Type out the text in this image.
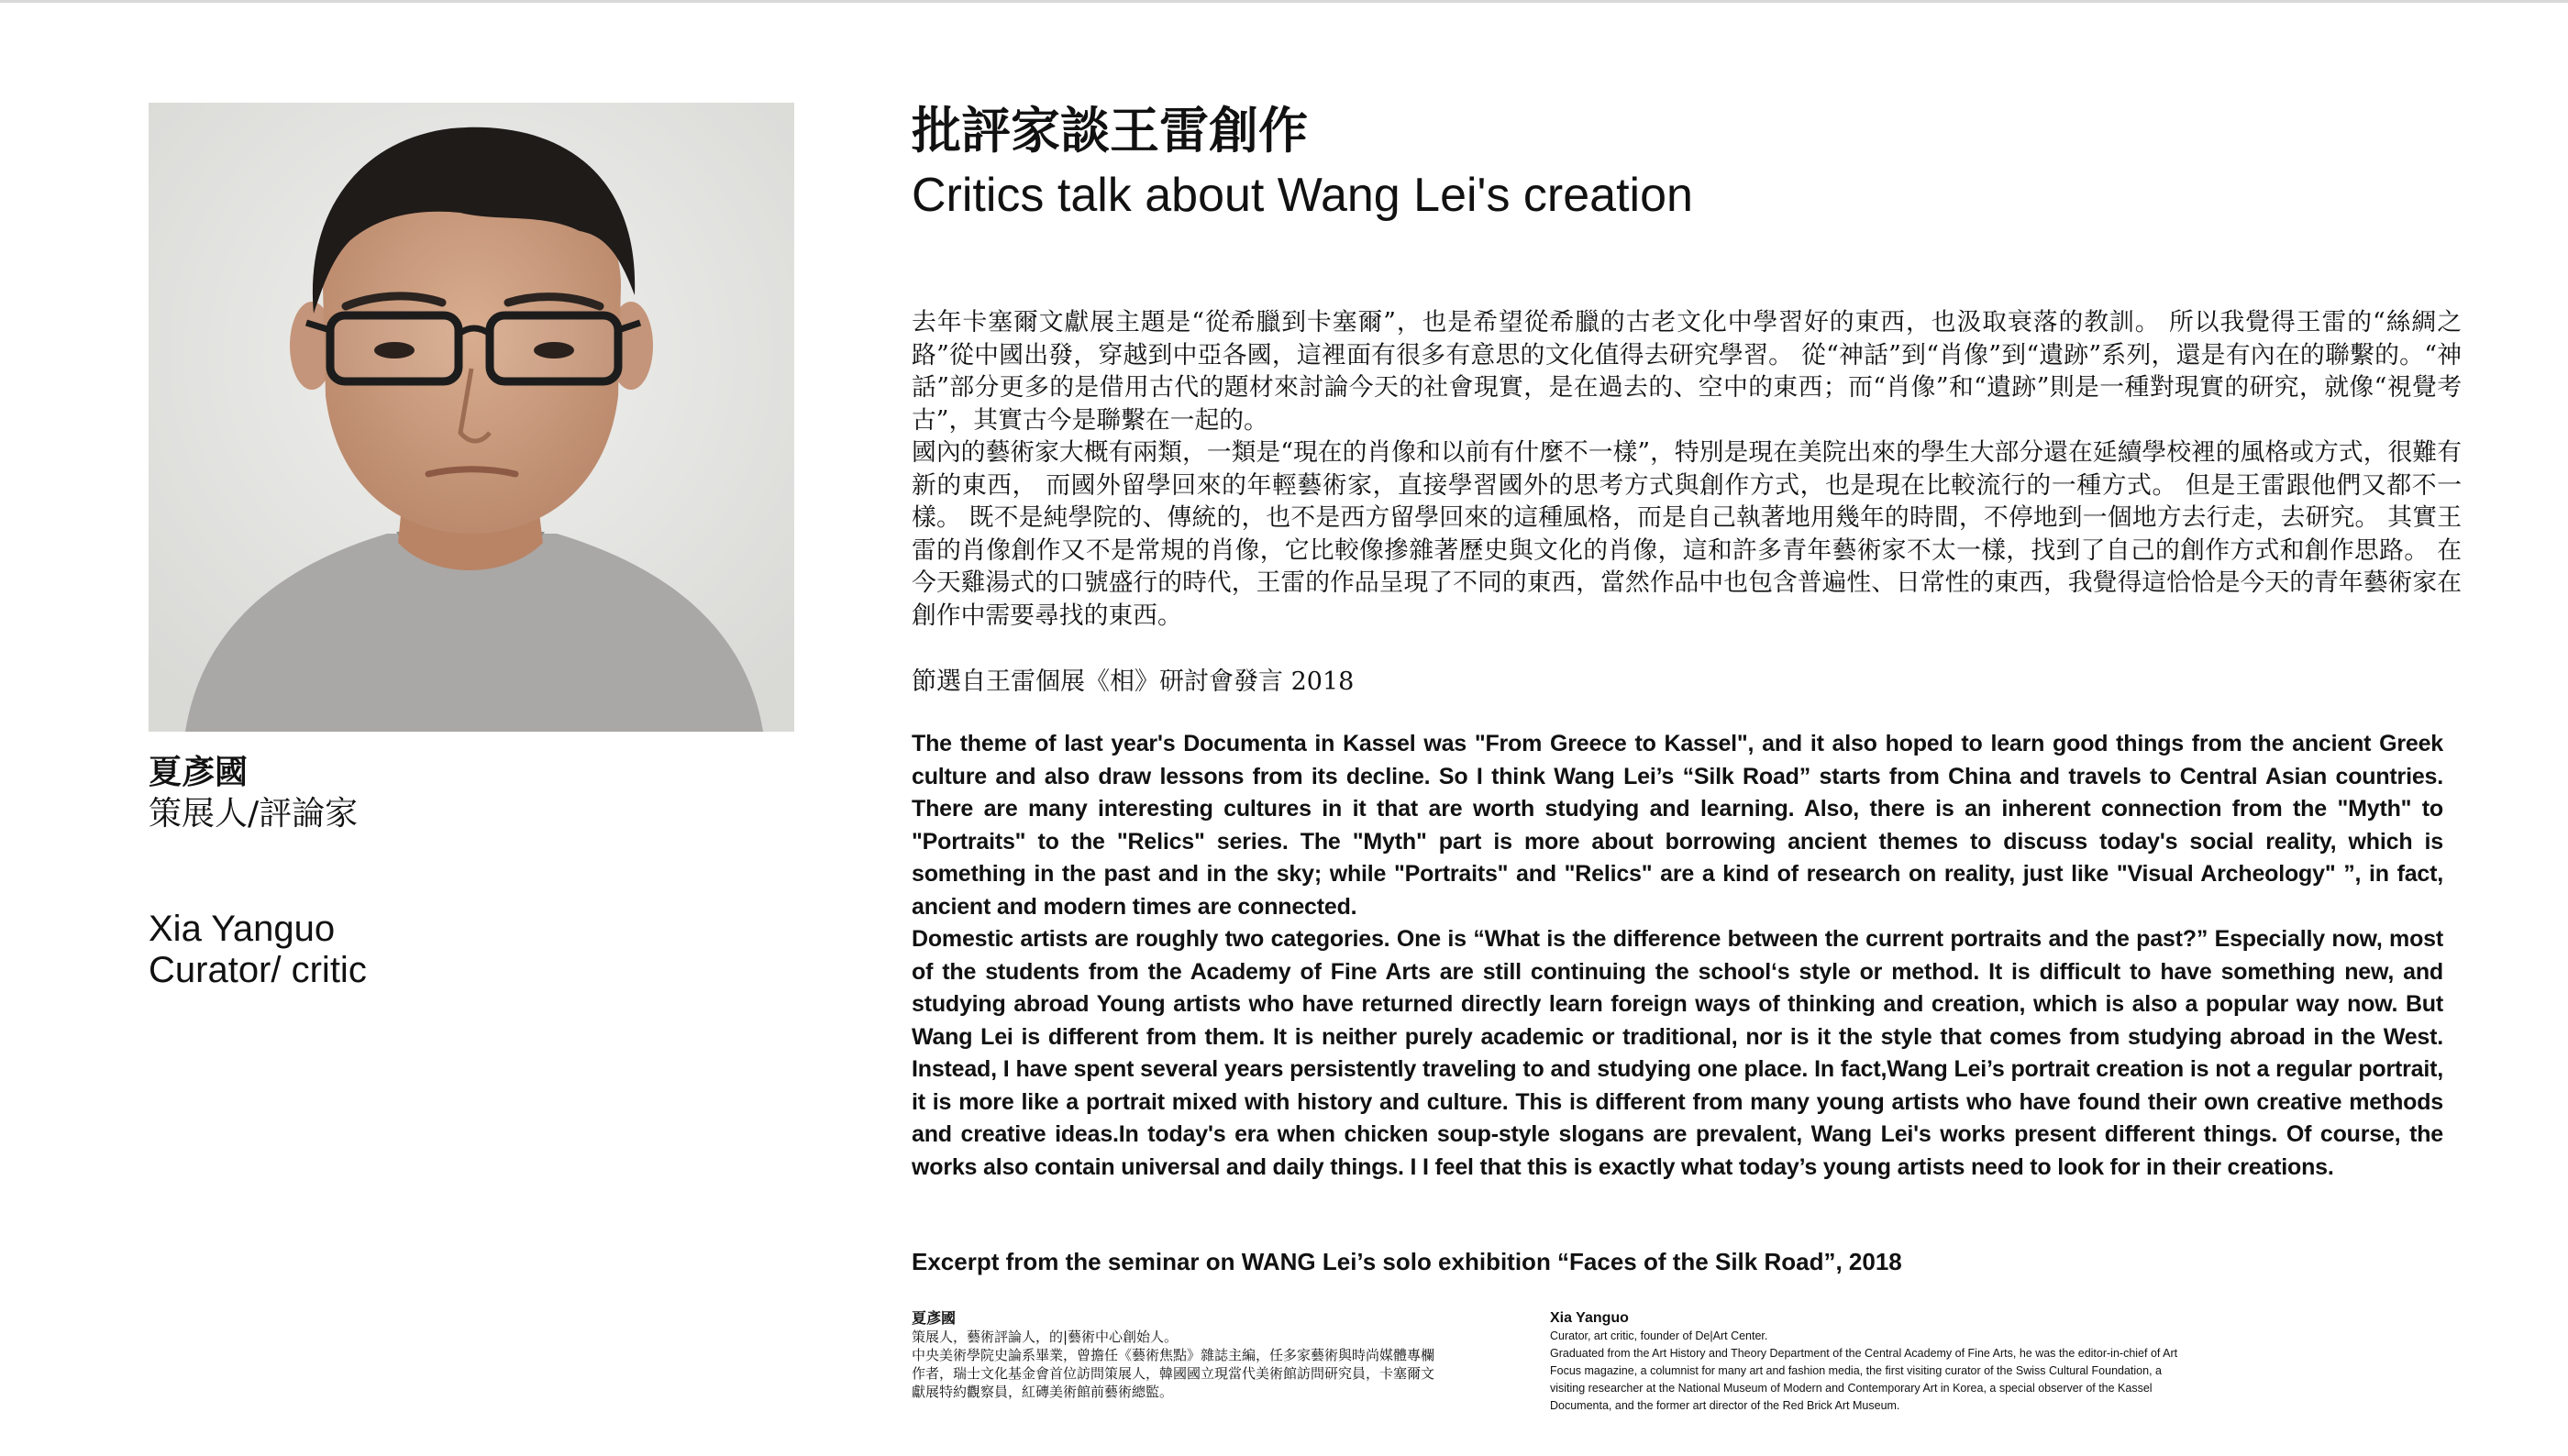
夏彥國
策展人/評論家
Xia Yanguo
Curator/ critic
批評家談王雷創作
Critics talk about Wang Lei's creation

去年卡塞爾文獻展主題是“從希臘到卡塞爾”，也是希望從希臘的古老文化中學習好的東西，也汲取衰落的教訓。 所以我覺得王雷的“絲綢之路”從中國出發，穿越到中亞各國，這裡面有很多有意思的文化值得去研究學習。 從“神話”到“肖像”到“遺跡”系列，還是有內在的聯繫的。“神話”部分更多的是借用古代的題材來討論今天的社會現實，是在過去的、空中的東西；而“肖像”和“遺跡”則是一種對現實的研究，就像“視覺考古”，其實古今是聯繫在一起的。

國內的藝術家大概有兩類，一類是“現在的肖像和以前有什麼不一樣”，特別是現在美院出來的學生大部分還在延續學校裡的風格或方式，很難有新的東西， 而國外留學回來的年輕藝術家，直接學習國外的思考方式與創作方式，也是現在比較流行的一種方式。 但是王雷跟他們又都不一樣。 既不是純學院的、傳統的，也不是西方留學回來的這種風格，而是自己執著地用幾年的時間，不停地到一個地方去行走，去研究。 其實王雷的肖像創作又不是常規的肖像，它比較像摻雜著歷史與文化的肖像，這和許多青年藝術家不太一樣，找到了自己的創作方式和創作思路。 在今天雞湯式的口號盛行的時代，王雷的作品呈現了不同的東西，當然作品中也包含普遍性、日常性的東西，我覺得這恰恰是今天的青年藝術家在創作中需要尋找的東西。

節選自王雷個展《相》研討會發言 2018

The theme of last year's Documenta in Kassel was "From Greece to Kassel", and it also hoped to learn good things from the ancient Greek culture and also draw lessons from its decline. So I think Wang Lei’s “Silk Road” starts from China and travels to Central Asian countries. There are many interesting cultures in it that are worth studying and learning. Also, there is an inherent connection from the "Myth" to "Portraits" to the "Relics" series. The "Myth" part is more about borrowing ancient themes to discuss today's social reality, which is something in the past and in the sky; while "Portraits" and "Relics" are a kind of research on reality, just like "Visual Archeology" ”, in fact, ancient and modern times are connected.

Domestic artists are roughly two categories. One is “What is the difference between the current portraits and the past?” Especially now, most of the students from the Academy of Fine Arts are still continuing the school‘s style or method. It is difficult to have something new, and studying abroad Young artists who have returned directly learn foreign ways of thinking and creation, which is also a popular way now. But Wang Lei is different from them. It is neither purely academic or traditional, nor is it the style that comes from studying abroad in the West. Instead, I have spent several years persistently traveling to and studying one place. In fact,Wang Lei’s portrait creation is not a regular portrait, it is more like a portrait mixed with history and culture. This is different from many young artists who have found their own creative methods and creative ideas.In today's era when chicken soup-style slogans are prevalent, Wang Lei's works present different things. Of course, the works also contain universal and daily things. I I feel that this is exactly what today’s young artists need to look for in their creations.

Excerpt from the seminar on WANG Lei’s solo exhibition “Faces of the Silk Road”, 2018
夏彥國
策展人，藝術評論人，的|藝術中心創始人。
中央美術學院史論系畢業，曾擔任《藝術焦點》雜誌主編，任多家藝術與時尚媒體專欄作者，瑞士文化基金會首位訪問策展人，韓國國立現當代美術館訪問研究員，卡塞爾文獻展特約觀察員，紅磚美術館前藝術總監。
Xia Yanguo
Curator, art critic, founder of De|Art Center.
Graduated from the Art History and Theory Department of the Central Academy of Fine Arts, he was the editor-in-chief of Art Focus magazine, a columnist for many art and fashion media, the first visiting curator of the Swiss Cultural Foundation, a visiting researcher at the National Museum of Modern and Contemporary Art in Korea, a special observer of the Kassel Documenta, and the former art director of the Red Brick Art Museum.
